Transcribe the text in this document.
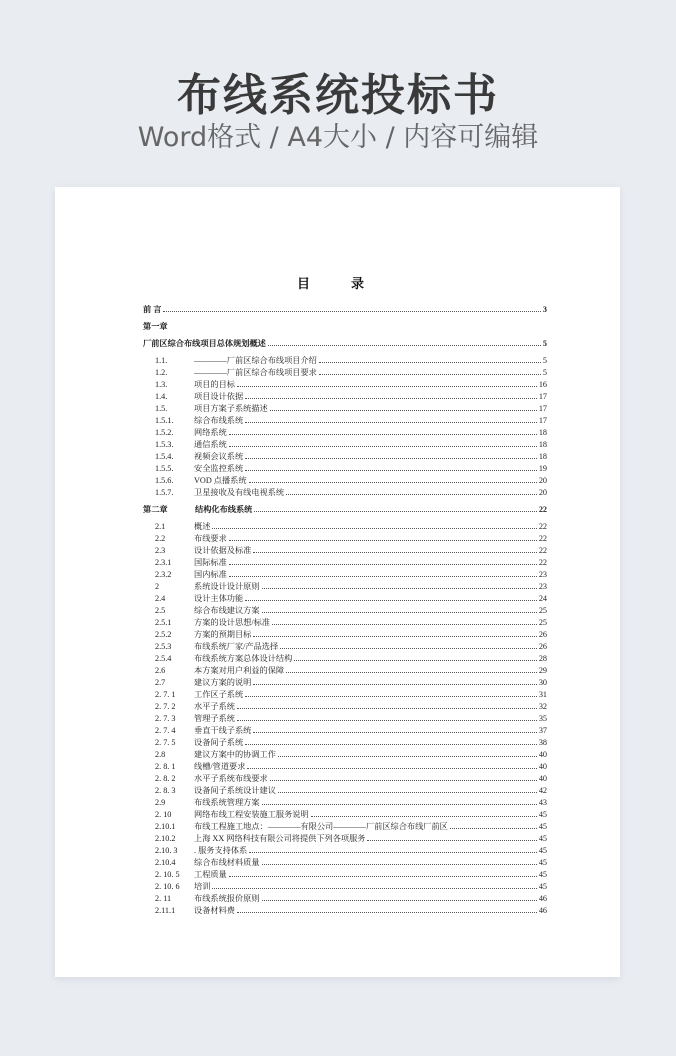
布线系统投标书
Word格式 / A4大小 / 内容可编辑
目　录
前 言	3
第一章
厂前区综合布线项目总体规划概述	5
1.1.	————厂前区综合布线项目介绍	5
1.2.	————厂前区综合布线项目要求	5
1.3.	项目的目标	16
1.4.	项目设计依据	17
1.5.	项目方案子系统描述	17
1.5.1.	综合布线系统	17
1.5.2.	网络系统	18
1.5.3.	通信系统	18
1.5.4.	视频会议系统	18
1.5.5.	安全监控系统	19
1.5.6.	VOD 点播系统	20
1.5.7.	卫星接收及有线电视系统	20
第二章	结构化布线系统	22
2.1	概述	22
2.2	布线要求	22
2.3	设计依据及标准	22
2.3.1	国际标准	22
2.3.2	国内标准	23
2	系统设计设计原则	23
2.4	设计主体功能	24
2.5	综合布线建议方案	25
2.5.1	方案的设计思想/标准	25
2.5.2	方案的预期目标	26
2.5.3	布线系统厂家/产品选择	26
2.5.4	布线系统方案总体设计结构	28
2.6	本方案对用户利益的保障	29
2.7	建议方案的说明	30
2. 7. 1	工作区子系统	31
2. 7. 2	水平子系统	32
2. 7. 3	管理子系统	35
2. 7. 4	垂直干线子系统	37
2. 7. 5	设备间子系统	38
2.8	建议方案中的协调工作	40
2. 8. 1	线槽/管道要求	40
2. 8. 2	水平子系统布线要求	40
2. 8. 3	设备间子系统设计建议	42
2.9	布线系统管理方案	43
2. 10	网络布线工程安装施工服务说明	45
2.10.1	布线工程施工地点：————有限公司————厂前区综合布线厂前区	45
2.10.2	上海 XX 网络科技有限公司将提供下列各项服务	45
2.10. 3	. 服务支持体系	45
2.10.4	综合布线材料质量	45
2. 10. 5	工程质量	45
2. 10. 6	培训	45
2. 11	布线系统报价原则	46
2.11.1	设备材料费	46
